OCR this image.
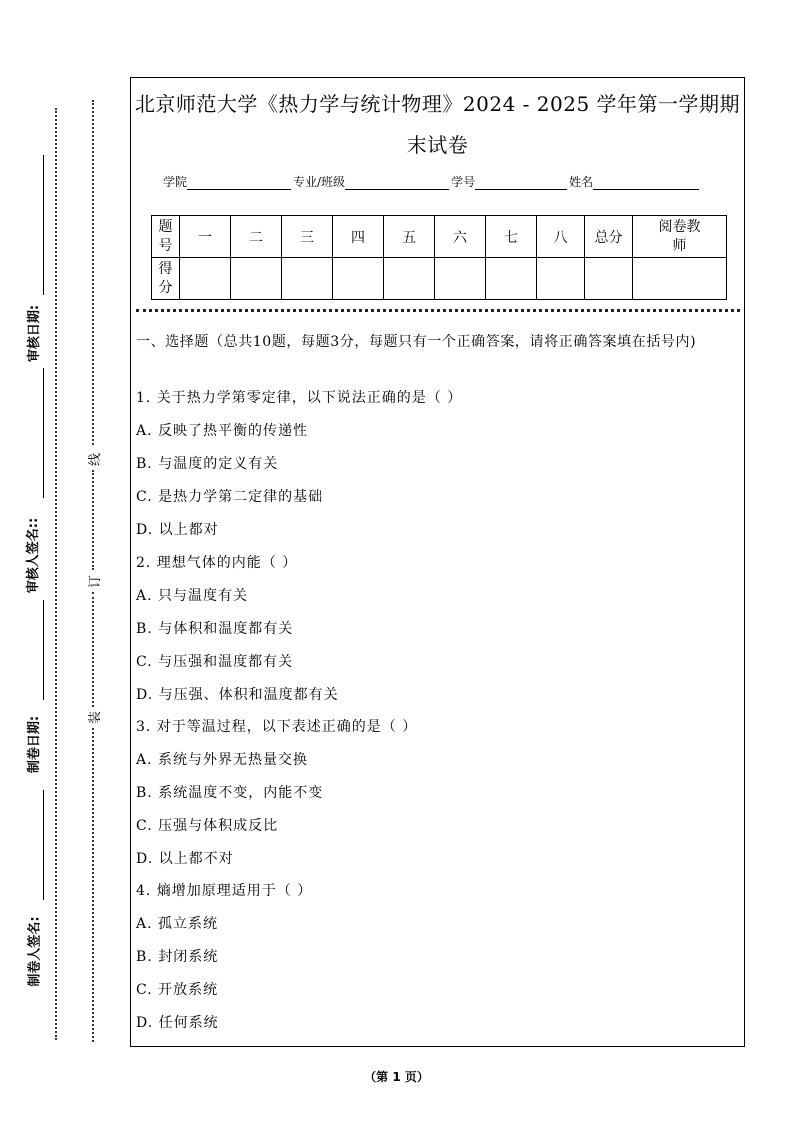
审核日期:
审核人签名::
制卷日期:
制卷人签名:
线
订
装
北京师范大学《热力学与统计物理》2024 - 2025 学年第一学期期
末试卷
学院	专业/班级	学号	姓名
题号	一	二	三	四	五	六	七	八	总分	阅卷教师
得分										
一、选择题（总共10题，每题3分，每题只有一个正确答案，请将正确答案填在括号内)
1. 关于热力学第零定律，以下说法正确的是（ ）
A. 反映了热平衡的传递性
B. 与温度的定义有关
C. 是热力学第二定律的基础
D. 以上都对
2. 理想气体的内能（ ）
A. 只与温度有关
B. 与体积和温度都有关
C. 与压强和温度都有关
D. 与压强、体积和温度都有关
3. 对于等温过程，以下表述正确的是（ ）
A. 系统与外界无热量交换
B. 系统温度不变，内能不变
C. 压强与体积成反比
D. 以上都不对
4. 熵增加原理适用于（ ）
A. 孤立系统
B. 封闭系统
C. 开放系统
D. 任何系统
（第 1 页）
